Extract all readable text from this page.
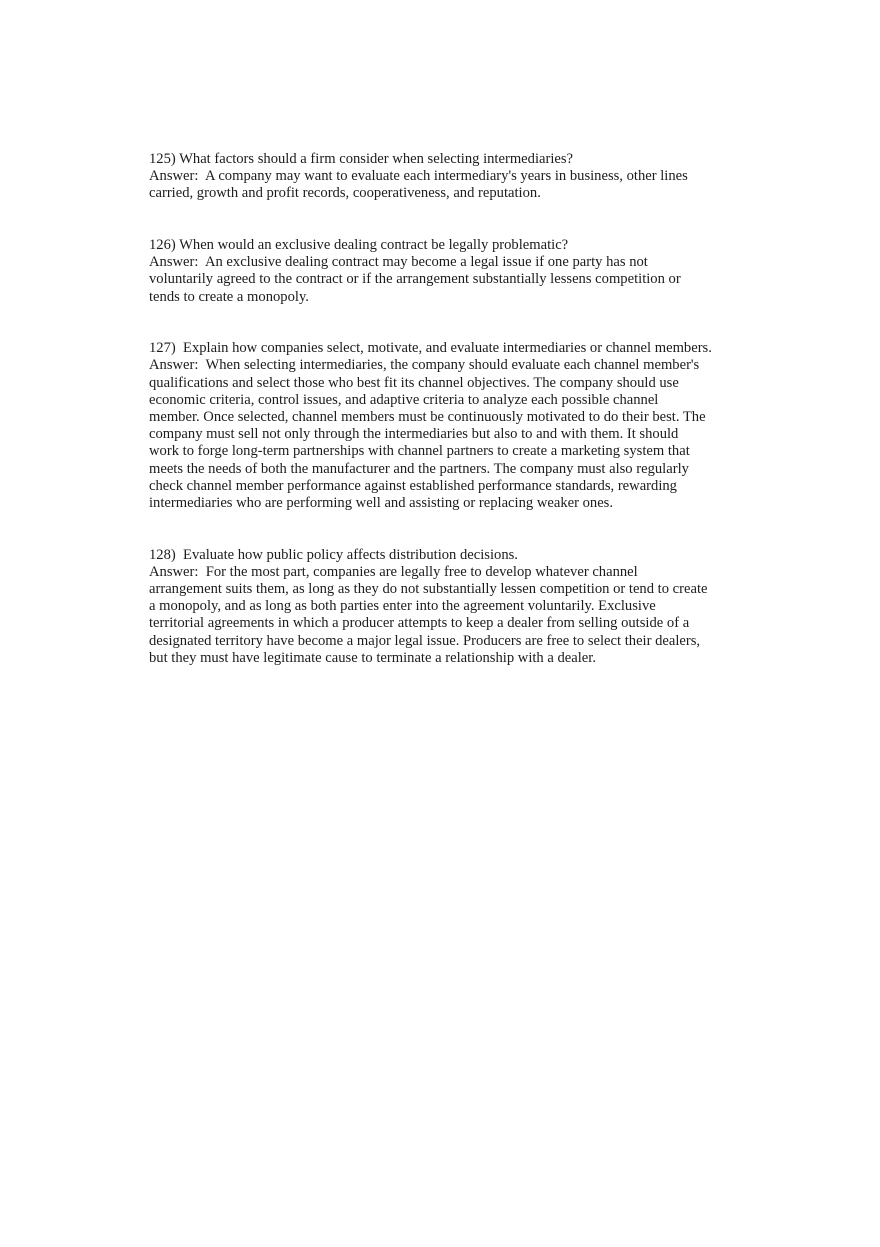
125) What factors should a firm consider when selecting intermediaries?

Answer:  A company may want to evaluate each intermediary's years in business, other lines
carried, growth and profit records, cooperativeness, and reputation.

126) When would an exclusive dealing contract be legally problematic?

Answer:  An exclusive dealing contract may become a legal issue if one party has not
voluntarily agreed to the contract or if the arrangement substantially lessens competition or
tends to create a monopoly.

127)  Explain how companies select, motivate, and evaluate intermediaries or channel members.

Answer:  When selecting intermediaries, the company should evaluate each channel member's
qualifications and select those who best fit its channel objectives. The company should use
economic criteria, control issues, and adaptive criteria to analyze each possible channel
member. Once selected, channel members must be continuously motivated to do their best. The
company must sell not only through the intermediaries but also to and with them. It should
work to forge long-term partnerships with channel partners to create a marketing system that
meets the needs of both the manufacturer and the partners. The company must also regularly
check channel member performance against established performance standards, rewarding
intermediaries who are performing well and assisting or replacing weaker ones.

128)  Evaluate how public policy affects distribution decisions.

Answer:  For the most part, companies are legally free to develop whatever channel
arrangement suits them, as long as they do not substantially lessen competition or tend to create
a monopoly, and as long as both parties enter into the agreement voluntarily. Exclusive
territorial agreements in which a producer attempts to keep a dealer from selling outside of a
designated territory have become a major legal issue. Producers are free to select their dealers,
but they must have legitimate cause to terminate a relationship with a dealer.
